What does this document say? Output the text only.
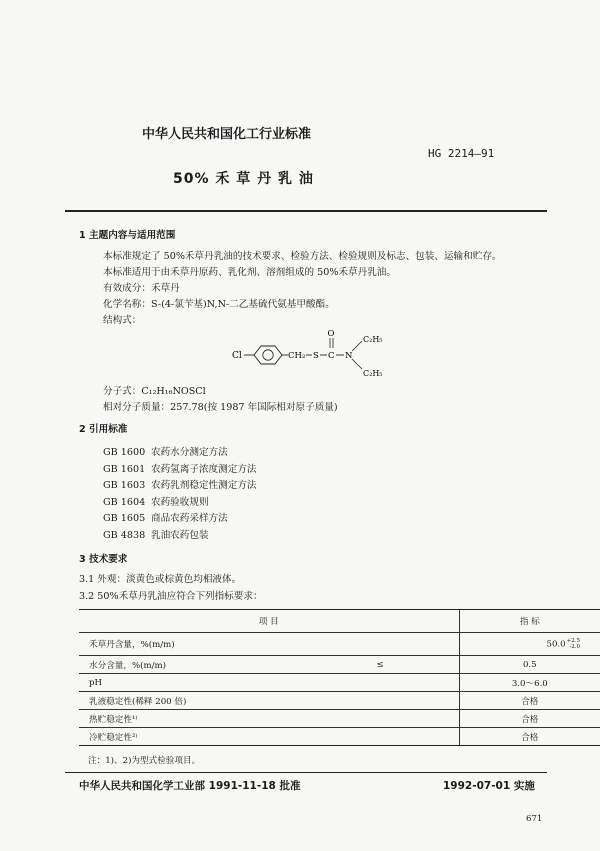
中华人民共和国化工行业标准
HG 2214—91
50% 禾 草 丹 乳 油
1 主题内容与适用范围
本标准规定了 50%禾草丹乳油的技术要求、检验方法、检验规则及标志、包装、运输和贮存。
本标准适用于由禾草丹原药、乳化剂、溶剂组成的 50%禾草丹乳油。
有效成分：禾草丹
化学名称：S-(4-氯苄基)N,N-二乙基硫代氨基甲酸酯。
结构式：
Cl	CH₂ S C
O
N
C₂H₅
C₂H₅
分子式：C₁₂H₁₆NOSCl
相对分子质量：257.78(按 1987 年国际相对原子质量)
2 引用标准
GB 1600 农药水分测定方法
GB 1601 农药氢离子浓度测定方法
GB 1603 农药乳剂稳定性测定方法
GB 1604 农药验收规则
GB 1605 商品农药采样方法
GB 4838 乳油农药包装
3 技术要求
3.1 外观：淡黄色或棕黄色均相液体。
3.2 50%禾草丹乳油应符合下列指标要求：
项 目		指 标
禾草丹含量，%(m/m)		50.0 +2.5
-2.0

水分含量，%(m/m)	≤	0.5
pH		3.0～6.0
乳液稳定性(稀释 200 倍)		合格
热贮稳定性¹⁾		合格
冷贮稳定性²⁾		合格
注：1)、2)为型式检验项目。
中华人民共和国化学工业部 1991-11-18 批准	1992-07-01 实施
671
